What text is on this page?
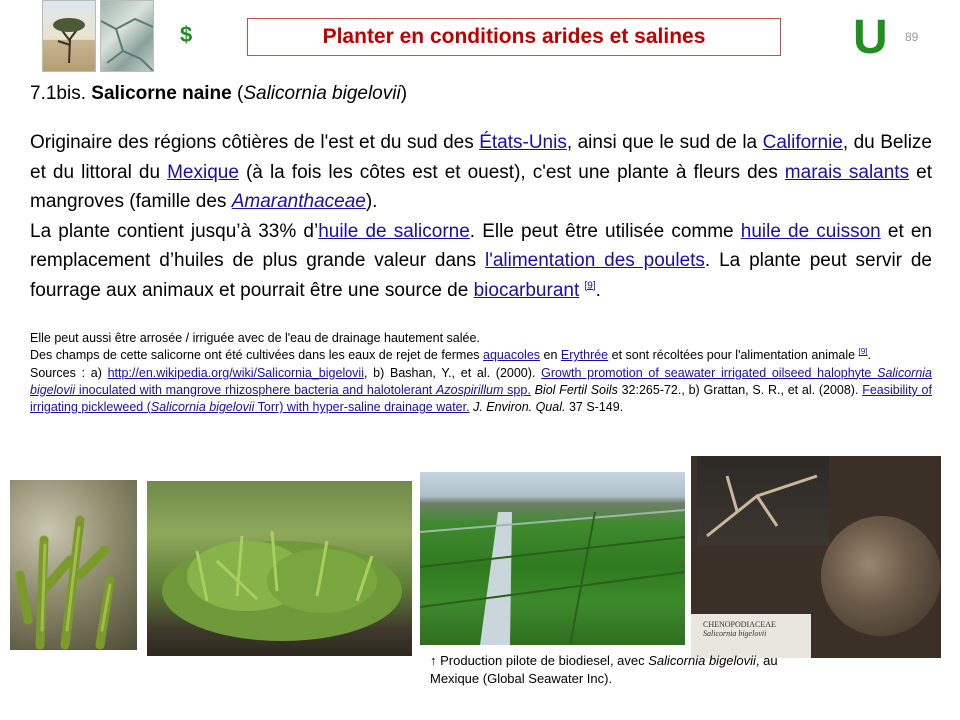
$	Planter en conditions arides et salines	U 89
7.1bis. Salicorne naine (Salicornia bigelovii)

Originaire des régions côtières de l'est et du sud des États-Unis, ainsi que le sud de la Californie, du Belize et du littoral du Mexique (à la fois les côtes est et ouest), c'est une plante à fleurs des marais salants et mangroves (famille des Amaranthaceae).

La plante contient jusqu’à 33% d’huile de salicorne. Elle peut être utilisée comme huile de cuisson et en remplacement d’huiles de plus grande valeur dans l'alimentation des poulets. La plante peut servir de fourrage aux animaux et pourrait être une source de biocarburant [9].

Elle peut aussi être arrosée / irriguée avec de l'eau de drainage hautement salée.

Des champs de cette salicorne ont été cultivées dans les eaux de rejet de fermes aquacoles en Erythrée et sont récoltées pour l'alimentation animale [9].

Sources : a) http://en.wikipedia.org/wiki/Salicornia_bigelovii, b) Bashan, Y., et al. (2000). Growth promotion of seawater irrigated oilseed halophyte Salicornia bigelovii inoculated with mangrove rhizosphere bacteria and halotolerant Azospirillum spp. Biol Fertil Soils 32:265-72., b) Grattan, S. R., et al. (2008). Feasibility of irrigating pickleweed (Salicornia bigelovii Torr) with hyper-saline drainage water. J. Environ. Qual. 37 S-149.

CHENOPODIACEAE
Salicornia bigelovii
↑ Production pilote de biodiesel, avec Salicornia bigelovii, au Mexique (Global Seawater Inc).
